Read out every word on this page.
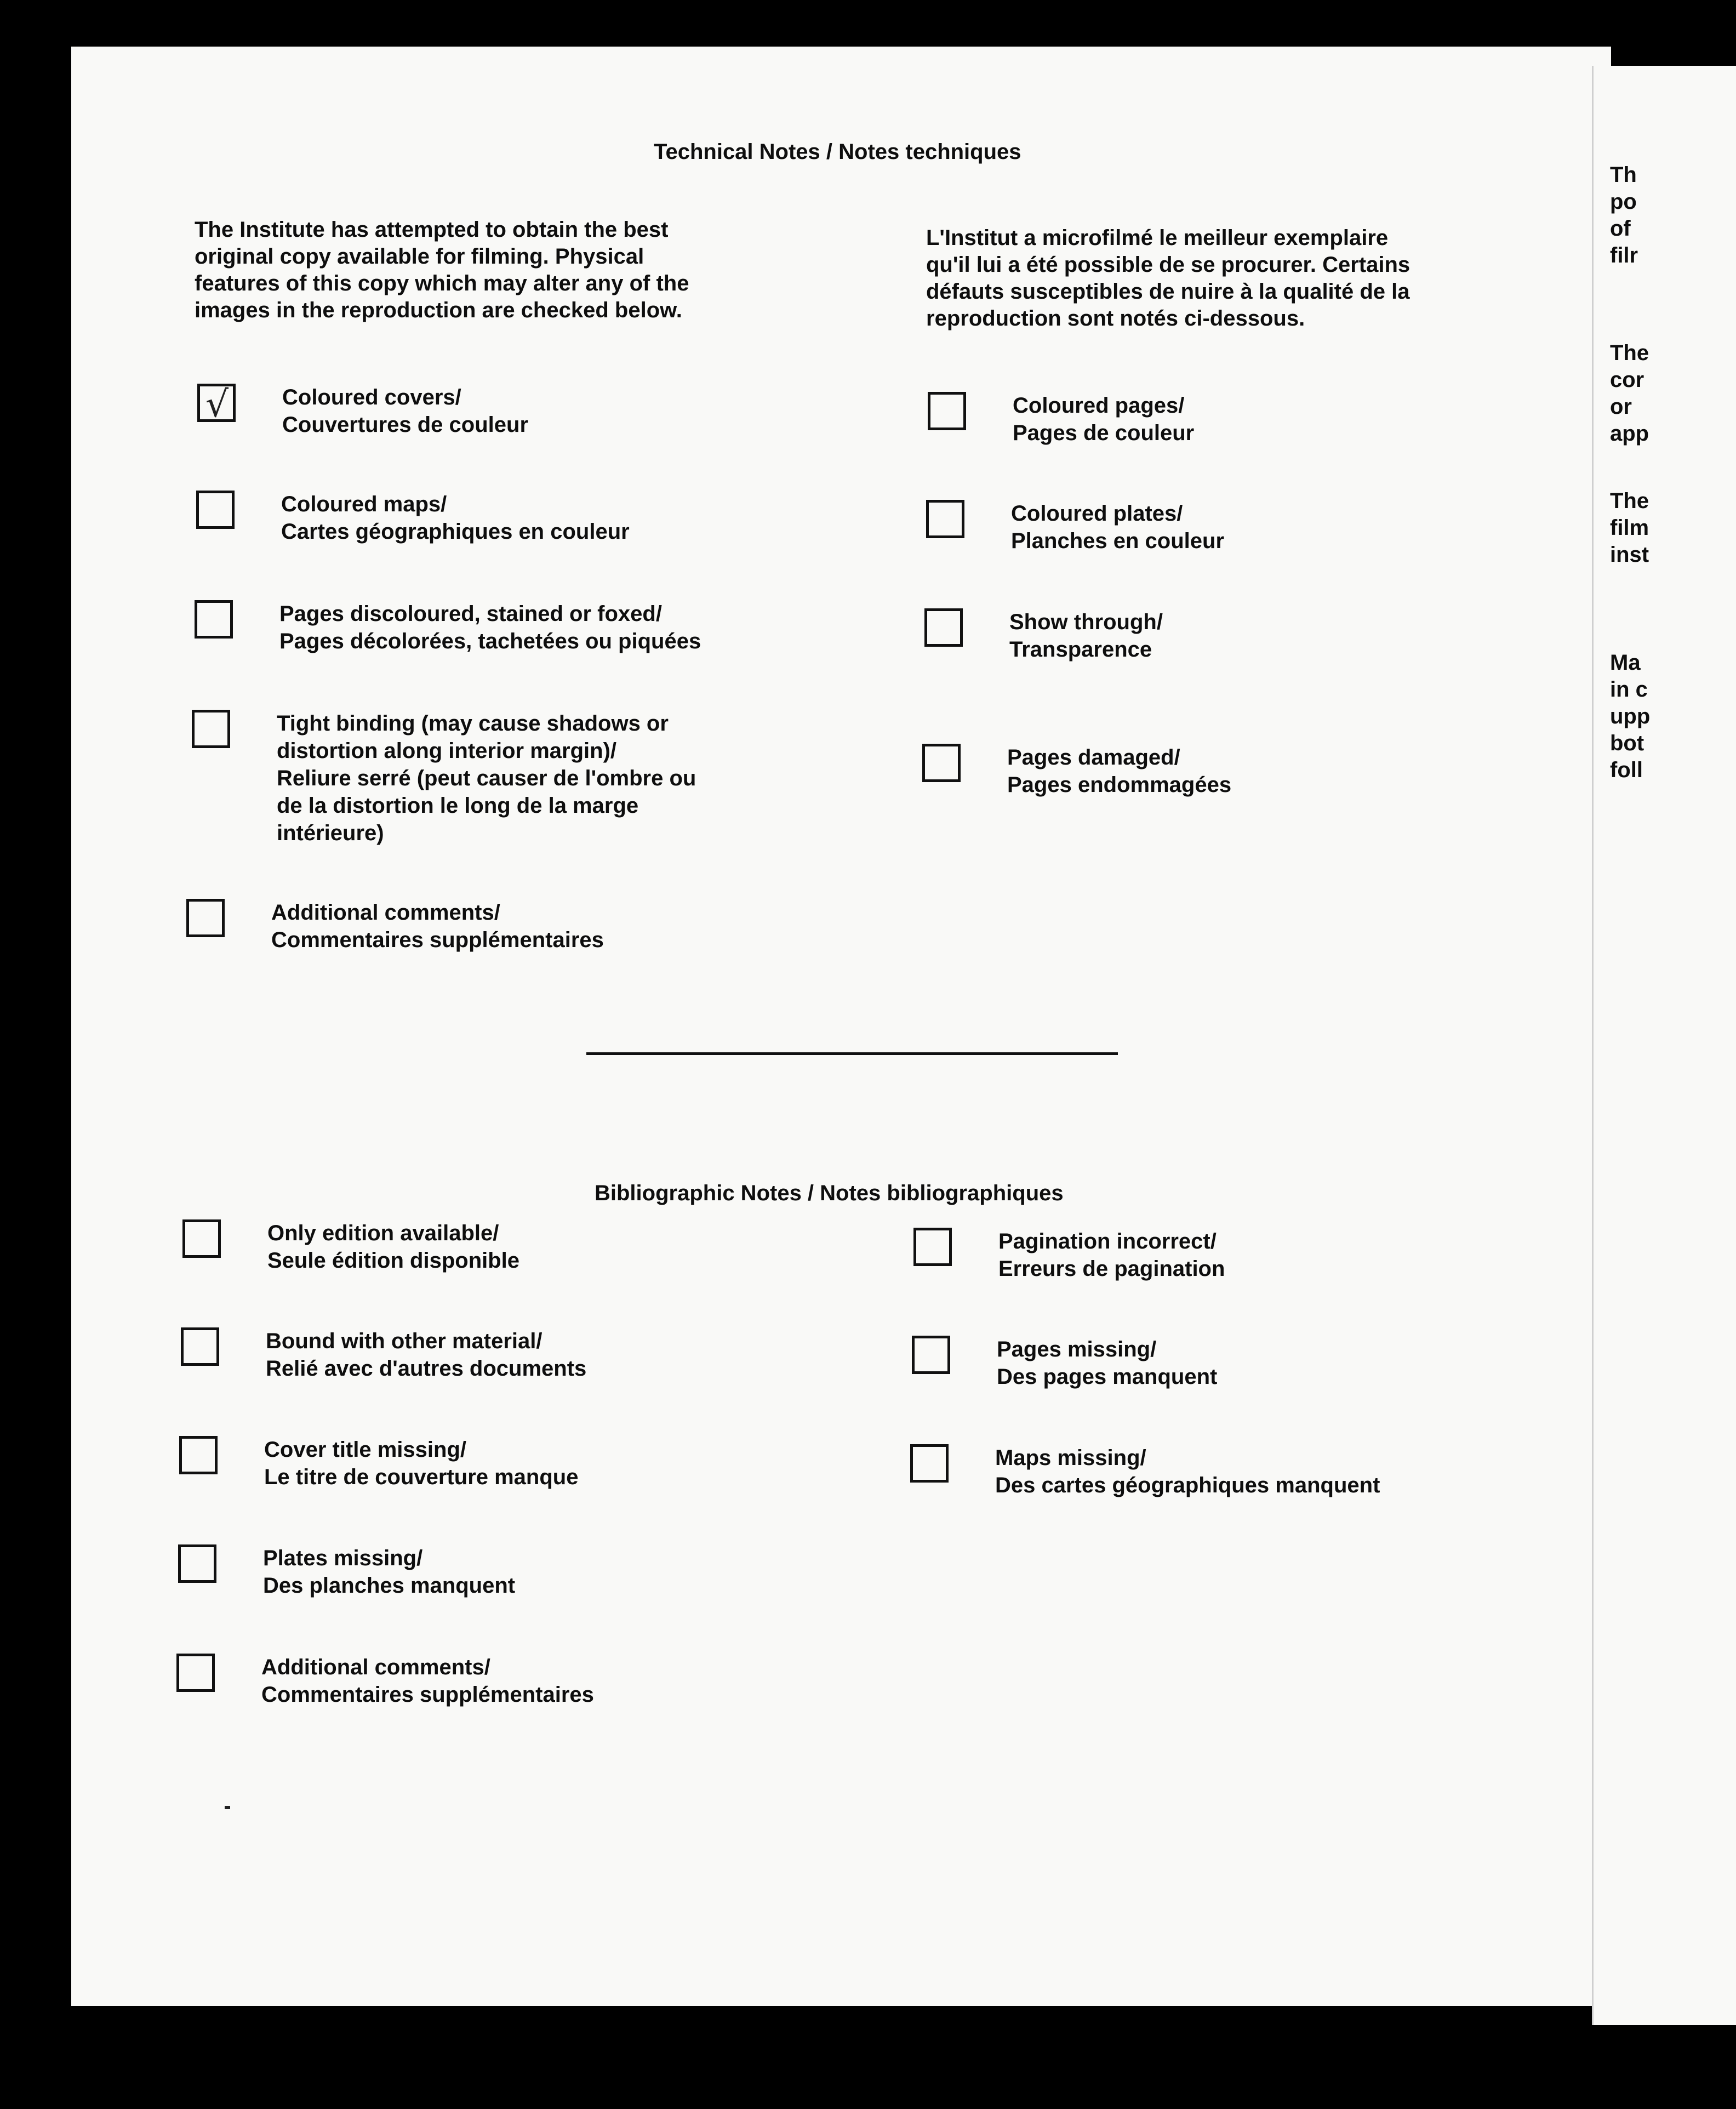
Technical Notes / Notes techniques
The Institute has attempted to obtain the best
original copy available for filming. Physical
features of this copy which may alter any of the
images in the reproduction are checked below.
L'Institut a microfilmé le meilleur exemplaire
qu'il lui a été possible de se procurer. Certains
défauts susceptibles de nuire à la qualité de la
reproduction sont notés ci-dessous.
√ Coloured covers/
Couvertures de couleur
Coloured maps/
Cartes géographiques en couleur
Pages discoloured, stained or foxed/
Pages décolorées, tachetées ou piquées
Tight binding (may cause shadows or
distortion along interior margin)/
Reliure serré (peut causer de l'ombre ou
de la distortion le long de la marge
intérieure)
Additional comments/
Commentaires supplémentaires
Coloured pages/
Pages de couleur
Coloured plates/
Planches en couleur
Show through/
Transparence
Pages damaged/
Pages endommagées
Bibliographic Notes / Notes bibliographiques
Only edition available/
Seule édition disponible
Bound with other material/
Relié avec d'autres documents
Cover title missing/
Le titre de couverture manque
Plates missing/
Des planches manquent
Additional comments/
Commentaires supplémentaires
Pagination incorrect/
Erreurs de pagination
Pages missing/
Des pages manquent
Maps missing/
Des cartes géographiques manquent
Th
po
of
filr
The
cor
or
app
The
film
inst
Ma
in c
upp
bot
foll
